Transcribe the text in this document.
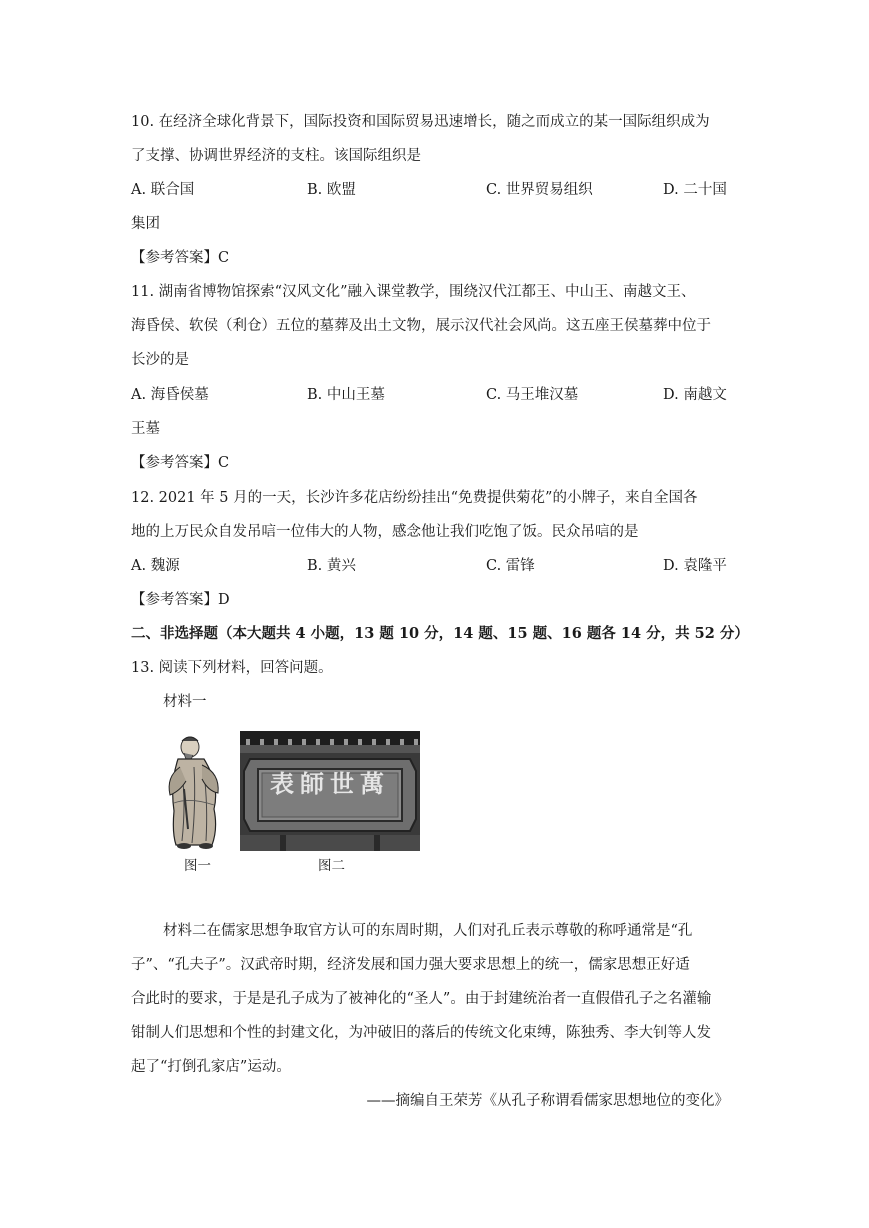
10. 在经济全球化背景下，国际投资和国际贸易迅速增长，随之而成立的某一国际组织成为
了支撑、协调世界经济的支柱。该国际组织是
A. 联合国	B. 欧盟	C. 世界贸易组织	D. 二十国
集团
【参考答案】C
11. 湖南省博物馆探索“汉风文化”融入课堂教学，围绕汉代江都王、中山王、南越文王、
海昏侯、软侯（利仓）五位的墓葬及出土文物，展示汉代社会风尚。这五座王侯墓葬中位于
长沙的是
A. 海昏侯墓	B. 中山王墓	C. 马王堆汉墓	D. 南越文
王墓
【参考答案】C
12. 2021 年 5 月的一天，长沙许多花店纷纷挂出“免费提供菊花”的小牌子，来自全国各
地的上万民众自发吊唁一位伟大的人物，感念他让我们吃饱了饭。民众吊唁的是
A. 魏源	B. 黄兴	C. 雷锋	D. 袁隆平
【参考答案】D
二、非选择题（本大题共 4 小题，13 题 10 分，14 题、15 题、16 题各 14 分，共 52 分）
13. 阅读下列材料，回答问题。
材料一
萬世師表
图一	图二
材料二在儒家思想争取官方认可的东周时期，人们对孔丘表示尊敬的称呼通常是“孔
子”、“孔夫子”。汉武帝时期，经济发展和国力强大要求思想上的统一，儒家思想正好适
合此时的要求，于是是孔子成为了被神化的“圣人”。由于封建统治者一直假借孔子之名灌输
钳制人们思想和个性的封建文化，为冲破旧的落后的传统文化束缚，陈独秀、李大钊等人发
起了“打倒孔家店”运动。
——摘编自王荣芳《从孔子称谓看儒家思想地位的变化》
